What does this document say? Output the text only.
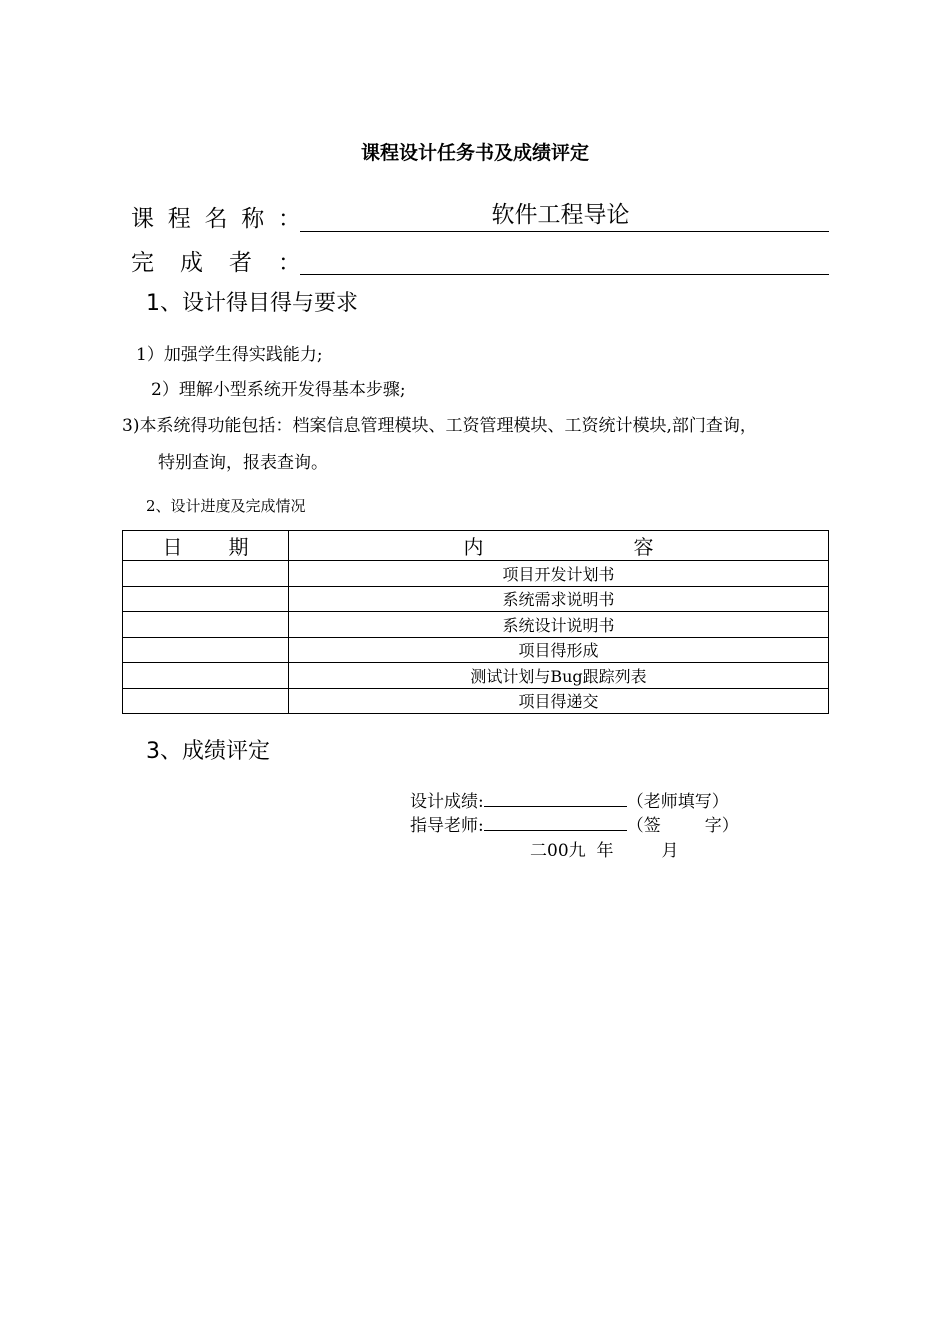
课程设计任务书及成绩评定
课 程 名 称 ：	软件工程导论
完 成 者 ：
1、设计得目得与要求
1）加强学生得实践能力;
2）理解小型系统开发得基本步骤;
3)本系统得功能包括：档案信息管理模块、工资管理模块、工资统计模块,部门查询，
特别查询，报表查询。
2、设计进度及完成情况
日 期	内 容

	项目开发计划书
	系统需求说明书
	系统设计说明书
	项目得形成
	测试计划与Bug跟踪列表
	项目得递交
3、成绩评定
设计成绩:	（老师填写）
指导老师:	（签	字）
二00九  年	月
